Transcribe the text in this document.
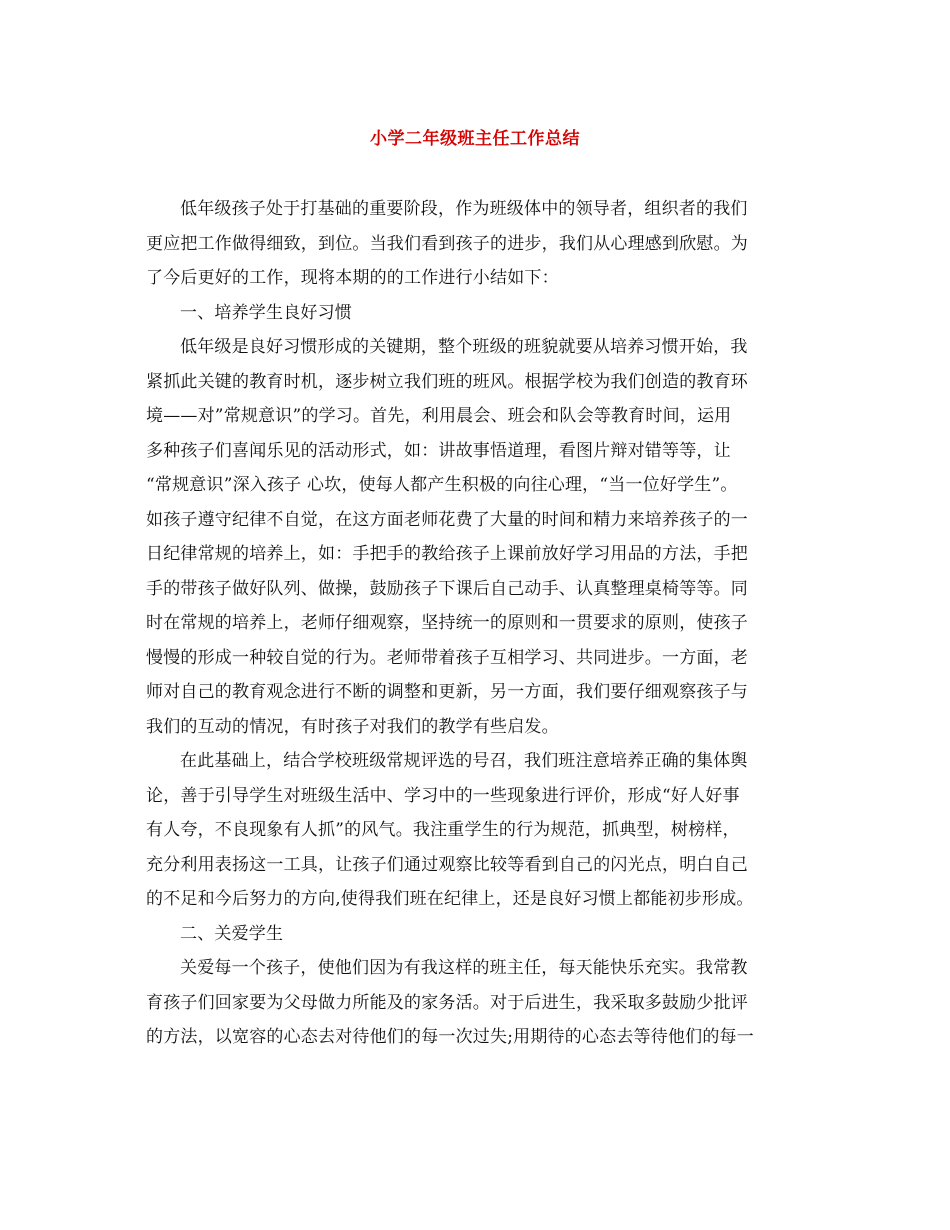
小学二年级班主任工作总结
低年级孩子处于打基础的重要阶段，作为班级体中的领导者，组织者的我们
更应把工作做得细致，到位。当我们看到孩子的进步，我们从心理感到欣慰。为
了今后更好的工作，现将本期的的工作进行小结如下：
一、培养学生良好习惯
低年级是良好习惯形成的关键期，整个班级的班貌就要从培养习惯开始，我
紧抓此关键的教育时机，逐步树立我们班的班风。根据学校为我们创造的教育环
境——对”常规意识”的学习。首先，利用晨会、班会和队会等教育时间，运用
多种孩子们喜闻乐见的活动形式，如：讲故事悟道理，看图片辩对错等等，让
“常规意识”深入孩子 心坎，使每人都产生积极的向往心理，“当一位好学生”。
如孩子遵守纪律不自觉，在这方面老师花费了大量的时间和精力来培养孩子的一
日纪律常规的培养上，如：手把手的教给孩子上课前放好学习用品的方法，手把
手的带孩子做好队列、做操，鼓励孩子下课后自己动手、认真整理桌椅等等。同
时在常规的培养上，老师仔细观察，坚持统一的原则和一贯要求的原则，使孩子
慢慢的形成一种较自觉的行为。老师带着孩子互相学习、共同进步。一方面，老
师对自己的教育观念进行不断的调整和更新，另一方面，我们要仔细观察孩子与
我们的互动的情况，有时孩子对我们的教学有些启发。
在此基础上，结合学校班级常规评选的号召，我们班注意培养正确的集体舆
论，善于引导学生对班级生活中、学习中的一些现象进行评价，形成“好人好事
有人夸，不良现象有人抓”的风气。我注重学生的行为规范，抓典型，树榜样，
充分利用表扬这一工具，让孩子们通过观察比较等看到自己的闪光点，明白自己
的不足和今后努力的方向,使得我们班在纪律上，还是良好习惯上都能初步形成。
二、关爱学生
关爱每一个孩子，使他们因为有我这样的班主任，每天能快乐充实。我常教
育孩子们回家要为父母做力所能及的家务活。对于后进生，我采取多鼓励少批评
的方法，以宽容的心态去对待他们的每一次过失;用期待的心态去等待他们的每一
